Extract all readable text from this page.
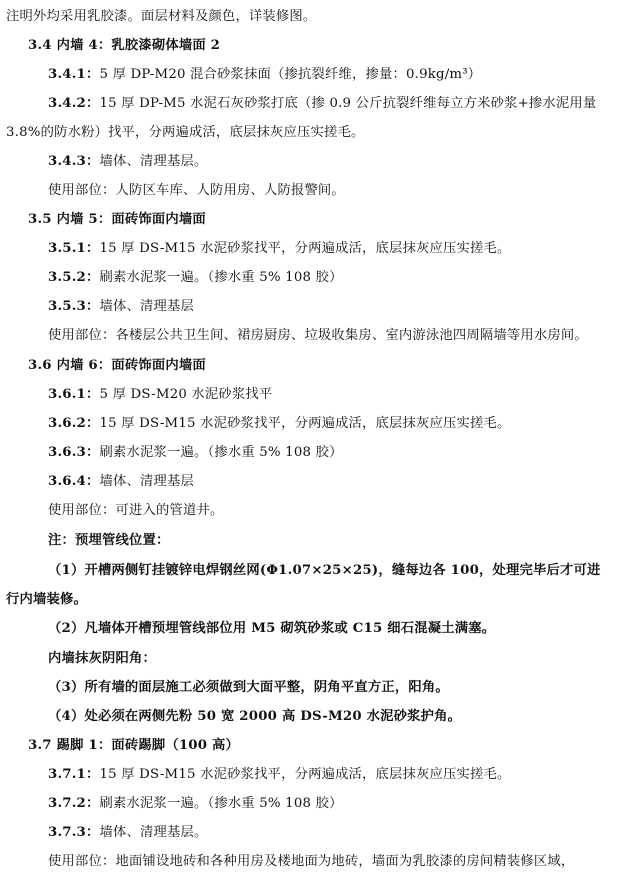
注明外均采用乳胶漆。面层材料及颜色，详装修图。
3.4 内墙 4：乳胶漆砌体墙面 2
3.4.1：5 厚 DP-M20 混合砂浆抹面（掺抗裂纤维，掺量：0.9kg/m³）
3.4.2：15 厚 DP-M5 水泥石灰砂浆打底（掺 0.9 公斤抗裂纤维每立方米砂浆+掺水泥用量
3.8%的防水粉）找平，分两遍成活，底层抹灰应压实搓毛。
3.4.3：墙体、清理基层。
使用部位：人防区车库、人防用房、人防报警间。
3.5 内墙 5：面砖饰面内墙面
3.5.1：15 厚 DS-M15 水泥砂浆找平，分两遍成活，底层抹灰应压实搓毛。
3.5.2：刷素水泥浆一遍。（掺水重 5% 108 胶）
3.5.3：墙体、清理基层
使用部位：各楼层公共卫生间、裙房厨房、垃圾收集房、室内游泳池四周隔墙等用水房间。
3.6 内墙 6：面砖饰面内墙面
3.6.1：5 厚 DS-M20 水泥砂浆找平
3.6.2：15 厚 DS-M15 水泥砂浆找平，分两遍成活，底层抹灰应压实搓毛。
3.6.3：刷素水泥浆一遍。（掺水重 5% 108 胶）
3.6.4：墙体、清理基层
使用部位：可进入的管道井。
注：预埋管线位置：
（1）开槽两侧钉挂镀锌电焊钢丝网(Φ1.07×25×25)，缝每边各 100，处理完毕后才可进
行内墙装修。
（2）凡墙体开槽预埋管线部位用 M5 砌筑砂浆或 C15 细石混凝土满塞。
内墙抹灰阴阳角：
（3）所有墙的面层施工必须做到大面平整，阴角平直方正，阳角。
（4）处必须在两侧先粉 50 宽 2000 高 DS-M20 水泥砂浆护角。
3.7 踢脚 1：面砖踢脚（100 高）
3.7.1：15 厚 DS-M15 水泥砂浆找平，分两遍成活，底层抹灰应压实搓毛。
3.7.2：刷素水泥浆一遍。（掺水重 5% 108 胶）
3.7.3：墙体、清理基层。
使用部位：地面铺设地砖和各种用房及楼地面为地砖，墙面为乳胶漆的房间精装修区域，
